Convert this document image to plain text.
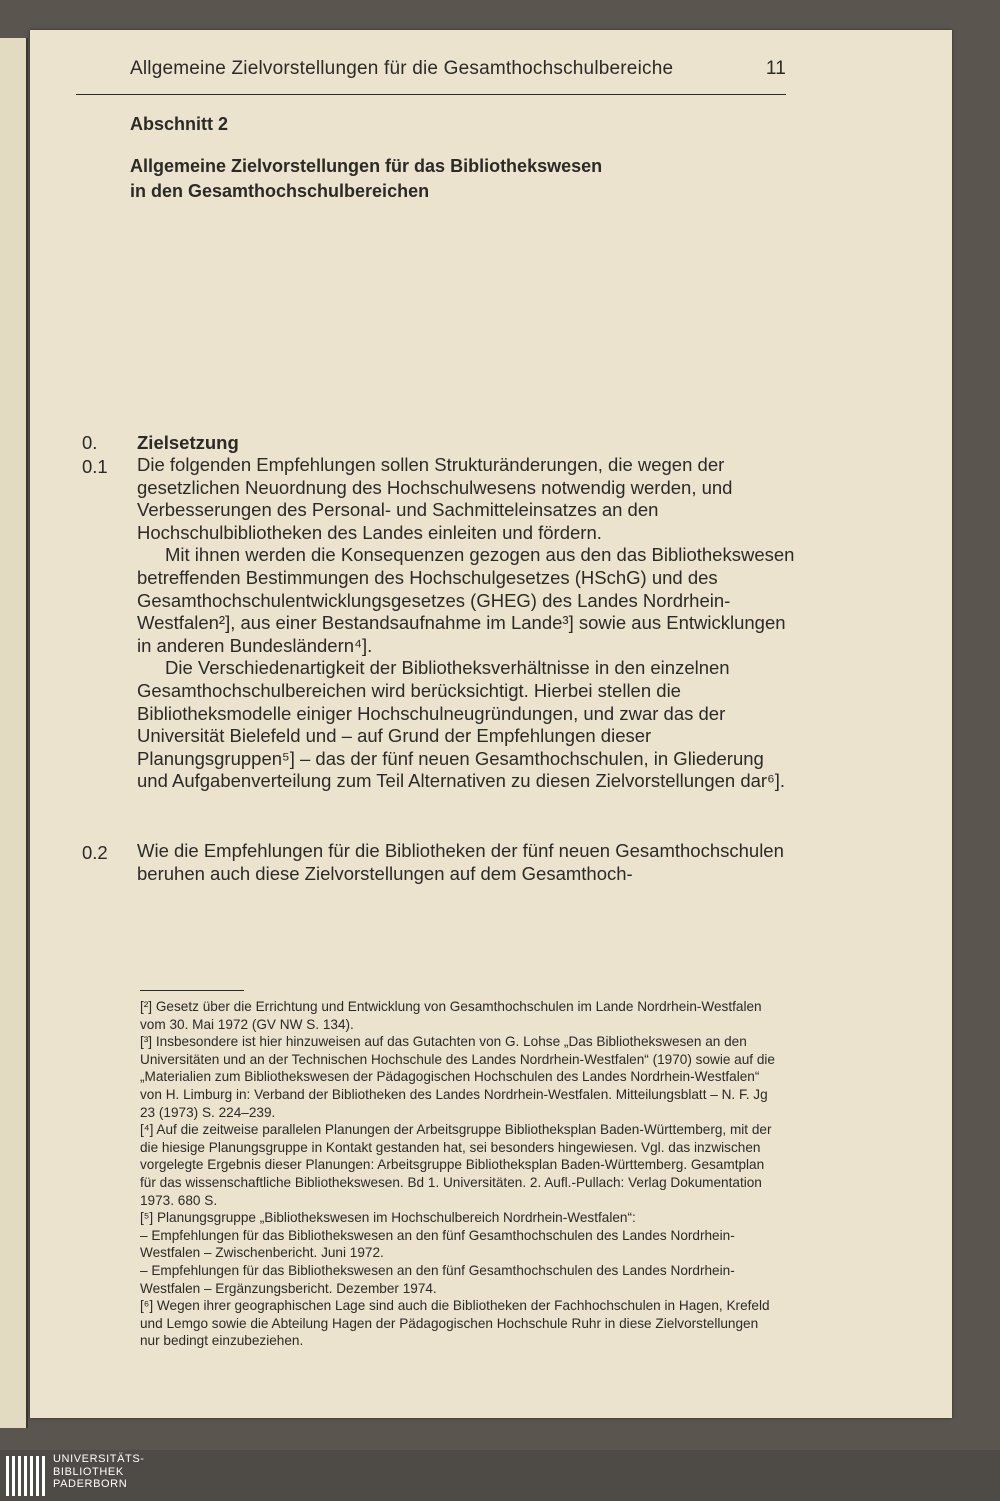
Allgemeine Zielvorstellungen für die Gesamthochschulbereiche	11
Abschnitt 2
Allgemeine Zielvorstellungen für das Bibliothekswesen
in den Gesamthochschulbereichen
0. Zielsetzung
0.1 Die folgenden Empfehlungen sollen Strukturänderungen, die wegen der gesetzlichen Neuordnung des Hochschulwesens notwendig werden, und Verbesserungen des Personal- und Sachmitteleinsatzes an den Hochschulbibliotheken des Landes einleiten und fördern.

Mit ihnen werden die Konsequenzen gezogen aus den das Bibliothekswesen betreffenden Bestimmungen des Hochschulgesetzes (HSchG) und des Gesamthochschulentwicklungsgesetzes (GHEG) des Landes Nordrhein-Westfalen²], aus einer Bestandsaufnahme im Lande³] sowie aus Entwicklungen in anderen Bundesländern⁴].

Die Verschiedenartigkeit der Bibliotheksverhältnisse in den einzelnen Gesamthochschulbereichen wird berücksichtigt. Hierbei stellen die Bibliotheksmodelle einiger Hochschulneugründungen, und zwar das der Universität Bielefeld und – auf Grund der Empfehlungen dieser Planungsgruppen⁵] – das der fünf neuen Gesamthochschulen, in Gliederung und Aufgabenverteilung zum Teil Alternativen zu diesen Zielvorstellungen dar⁶].

0.2 Wie die Empfehlungen für die Bibliotheken der fünf neuen Gesamthochschulen beruhen auch diese Zielvorstellungen auf dem Gesamthoch-

[²] Gesetz über die Errichtung und Entwicklung von Gesamthochschulen im Lande Nordrhein-Westfalen vom 30. Mai 1972 (GV NW S. 134).

[³] Insbesondere ist hier hinzuweisen auf das Gutachten von G. Lohse „Das Bibliothekswesen an den Universitäten und an der Technischen Hochschule des Landes Nordrhein-Westfalen“ (1970) sowie auf die „Materialien zum Bibliothekswesen der Pädagogischen Hochschulen des Landes Nordrhein-Westfalen“ von H. Limburg in: Verband der Bibliotheken des Landes Nordrhein-Westfalen. Mitteilungsblatt – N. F. Jg 23 (1973) S. 224–239.

[⁴] Auf die zeitweise parallelen Planungen der Arbeitsgruppe Bibliotheksplan Baden-Württemberg, mit der die hiesige Planungsgruppe in Kontakt gestanden hat, sei besonders hingewiesen. Vgl. das inzwischen vorgelegte Ergebnis dieser Planungen: Arbeitsgruppe Bibliotheksplan Baden-Württemberg. Gesamtplan für das wissenschaftliche Bibliothekswesen. Bd 1. Universitäten. 2. Aufl.-Pullach: Verlag Dokumentation 1973. 680 S.

[⁵] Planungsgruppe „Bibliothekswesen im Hochschulbereich Nordrhein-Westfalen“:

– Empfehlungen für das Bibliothekswesen an den fünf Gesamthochschulen des Landes Nordrhein-Westfalen – Zwischenbericht. Juni 1972.

– Empfehlungen für das Bibliothekswesen an den fünf Gesamthochschulen des Landes Nordrhein-Westfalen – Ergänzungsbericht. Dezember 1974.

[⁶] Wegen ihrer geographischen Lage sind auch die Bibliotheken der Fachhochschulen in Hagen, Krefeld und Lemgo sowie die Abteilung Hagen der Pädagogischen Hochschule Ruhr in diese Zielvorstellungen nur bedingt einzubeziehen.

UNIVERSITÄTS-
BIBLIOTHEK
PADERBORN
